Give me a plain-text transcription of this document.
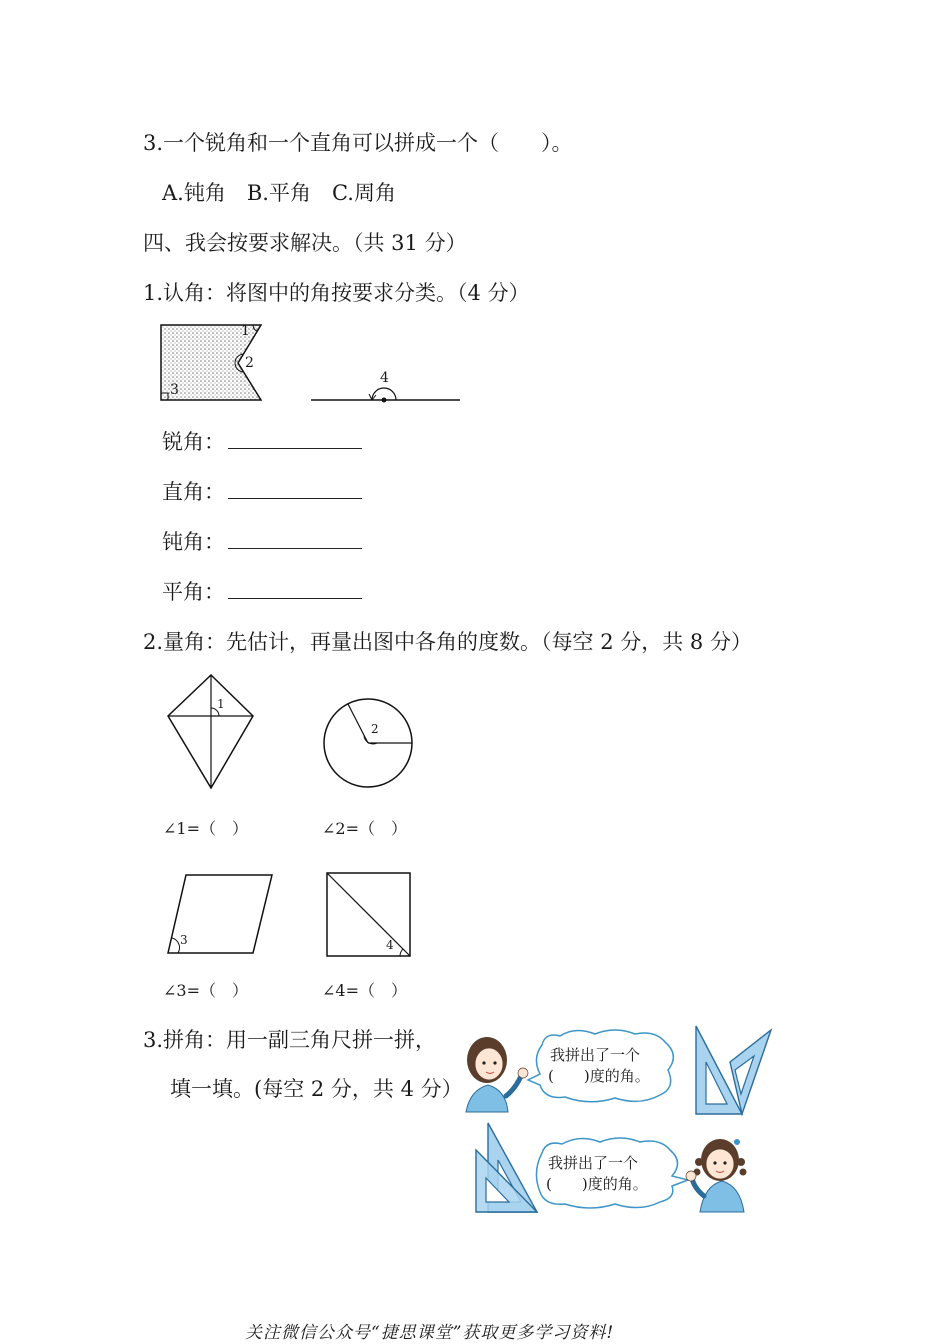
3.一个锐角和一个直角可以拼成一个（　　）。
A.钝角　B.平角　C.周角
四、我会按要求解决。（共 31 分）
1.认角：将图中的角按要求分类。（4 分）
1
2
3
4
锐角：
直角：
钝角：
平角：
2.量角：先估计，再量出图中各角的度数。（每空 2 分，共 8 分）
1
2
3	4
∠1=（　）	∠2=（　）
∠3=（　）	∠4=（　）
3.拼角：用一副三角尺拼一拼，
填一填。(每空 2 分，共 4 分）
我拼出了一个
(　　)度的角。
我拼出了一个
(　　)度的角。
关注微信公众号“捷思课堂”获取更多学习资料!
